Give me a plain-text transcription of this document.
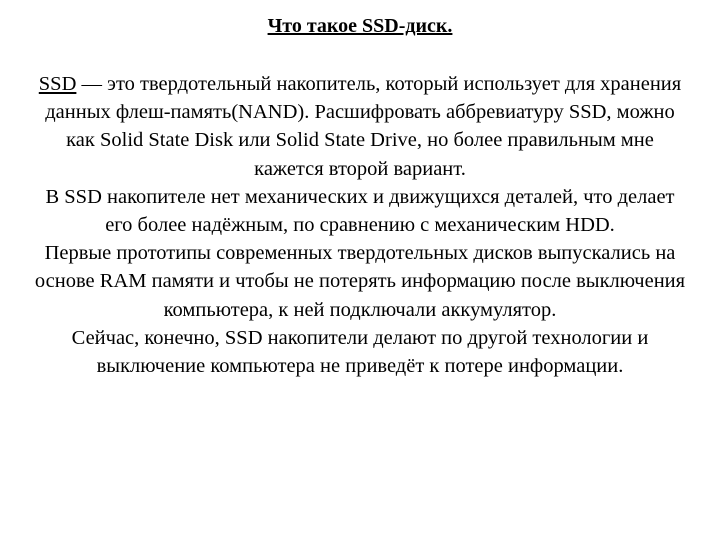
Что такое SSD-диск.

SSD — это твердотельный накопитель, который использует для хранения данных флеш-память(NAND). Расшифровать аббревиатуру SSD, можно как Solid State Disk или Solid State Drive, но более правильным мне кажется второй вариант.

В SSD накопителе нет механических и движущихся деталей, что делает его более надёжным, по сравнению с механическим HDD.

Первые прототипы современных твердотельных дисков выпускались на основе RAM памяти и чтобы не потерять информацию после выключения компьютера, к ней подключали аккумулятор.

Сейчас, конечно, SSD накопители делают по другой технологии и выключение компьютера не приведёт к потере информации.
